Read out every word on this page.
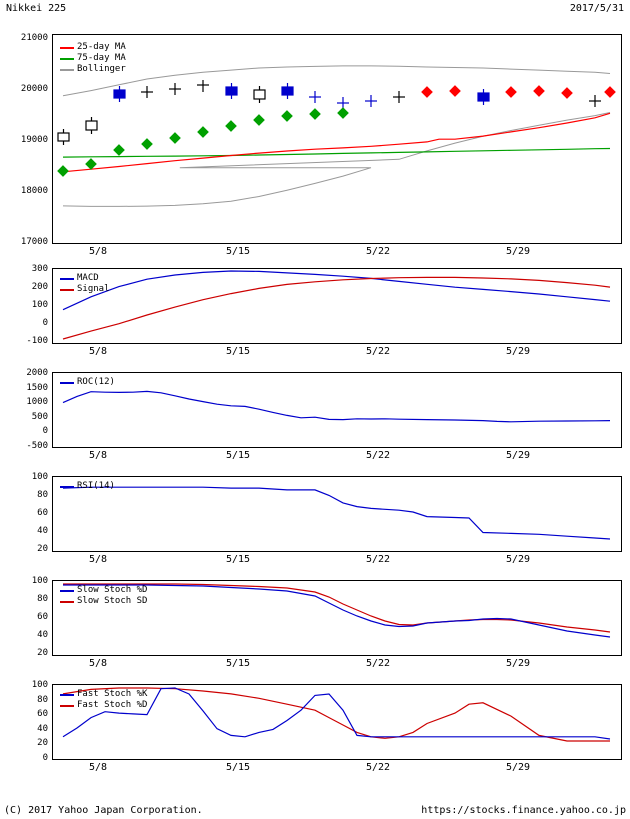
Nikkei 225	2017/5/31
21000
20000
19000
18000
17000
25-day MA
75-day MA
Bollinger
5/8	5/15	5/22	5/29
300
200
100
0
-100
MACD
Signal
5/8	5/15	5/22	5/29
2000
1500
1000
500
0
-500
ROC(12)
5/8	5/15	5/22	5/29
100
80
60
40
20
RSI(14)
5/8	5/15	5/22	5/29
100
80
60
40
20
Slow Stoch %D
Slow Stoch SD
5/8	5/15	5/22	5/29
100
80
60
40
20
0
Fast Stoch %K
Fast Stoch %D
5/8	5/15	5/22	5/29
(C) 2017 Yahoo Japan Corporation.	https://stocks.finance.yahoo.co.jp
